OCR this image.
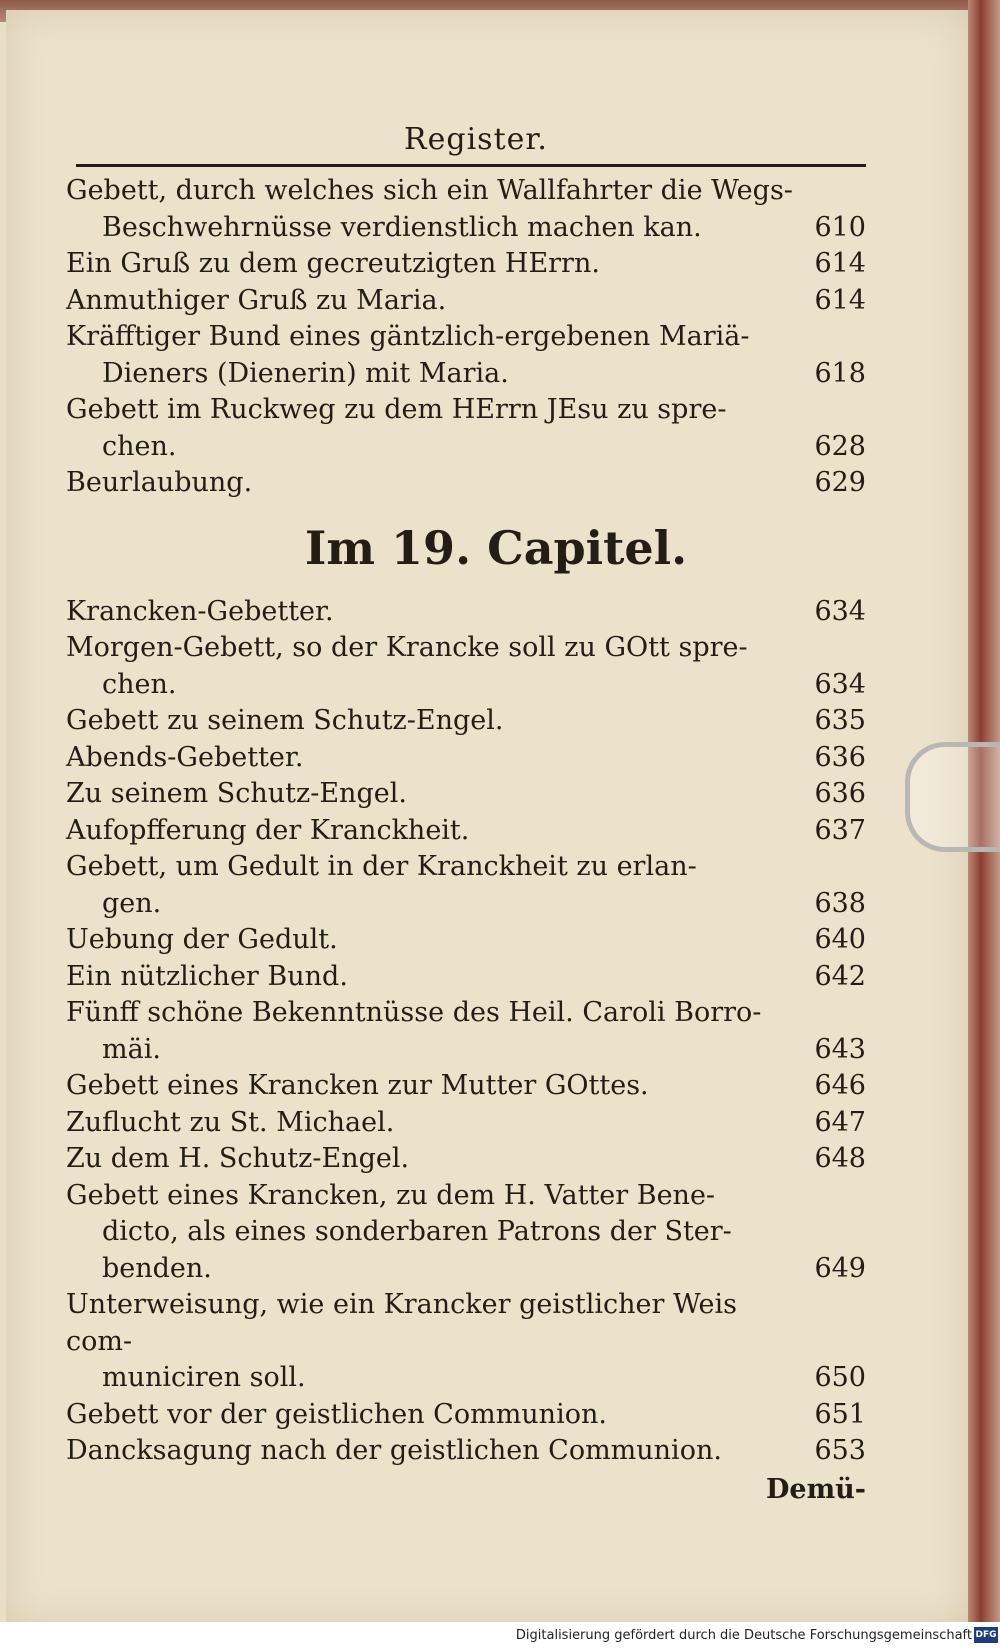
Register.
Gebett, durch welches sich ein Wallfahrter die Wegs-
Beschwehrnüsse verdienstlich machen kan.	610
Ein Gruß zu dem gecreutzigten HErrn.	614
Anmuthiger Gruß zu Maria.	614
Kräfftiger Bund eines gäntzlich-ergebenen Mariä-
Dieners (Dienerin) mit Maria.	618
Gebett im Ruckweg zu dem HErrn JEsu zu spre-
chen.	628
Beurlaubung.	629
Im 19. Capitel.
Krancken-Gebetter.	634
Morgen-Gebett, so der Krancke soll zu GOtt spre-
chen.	634
Gebett zu seinem Schutz-Engel.	635
Abends-Gebetter.	636
Zu seinem Schutz-Engel.	636
Aufopfferung der Kranckheit.	637
Gebett, um Gedult in der Kranckheit zu erlan-
gen.	638
Uebung der Gedult.	640
Ein nützlicher Bund.	642
Fünff schöne Bekenntnüsse des Heil. Caroli Borro-
mäi.	643
Gebett eines Krancken zur Mutter GOttes.	646
Zuflucht zu St. Michael.	647
Zu dem H. Schutz-Engel.	648
Gebett eines Krancken, zu dem H. Vatter Bene-
dicto, als eines sonderbaren Patrons der Ster-
benden.	649
Unterweisung, wie ein Krancker geistlicher Weis com-
municiren soll.	650
Gebett vor der geistlichen Communion.	651
Dancksagung nach der geistlichen Communion.	653
Demü-
Digitalisierung gefördert durch die Deutsche Forschungsgemeinschaft DFG
